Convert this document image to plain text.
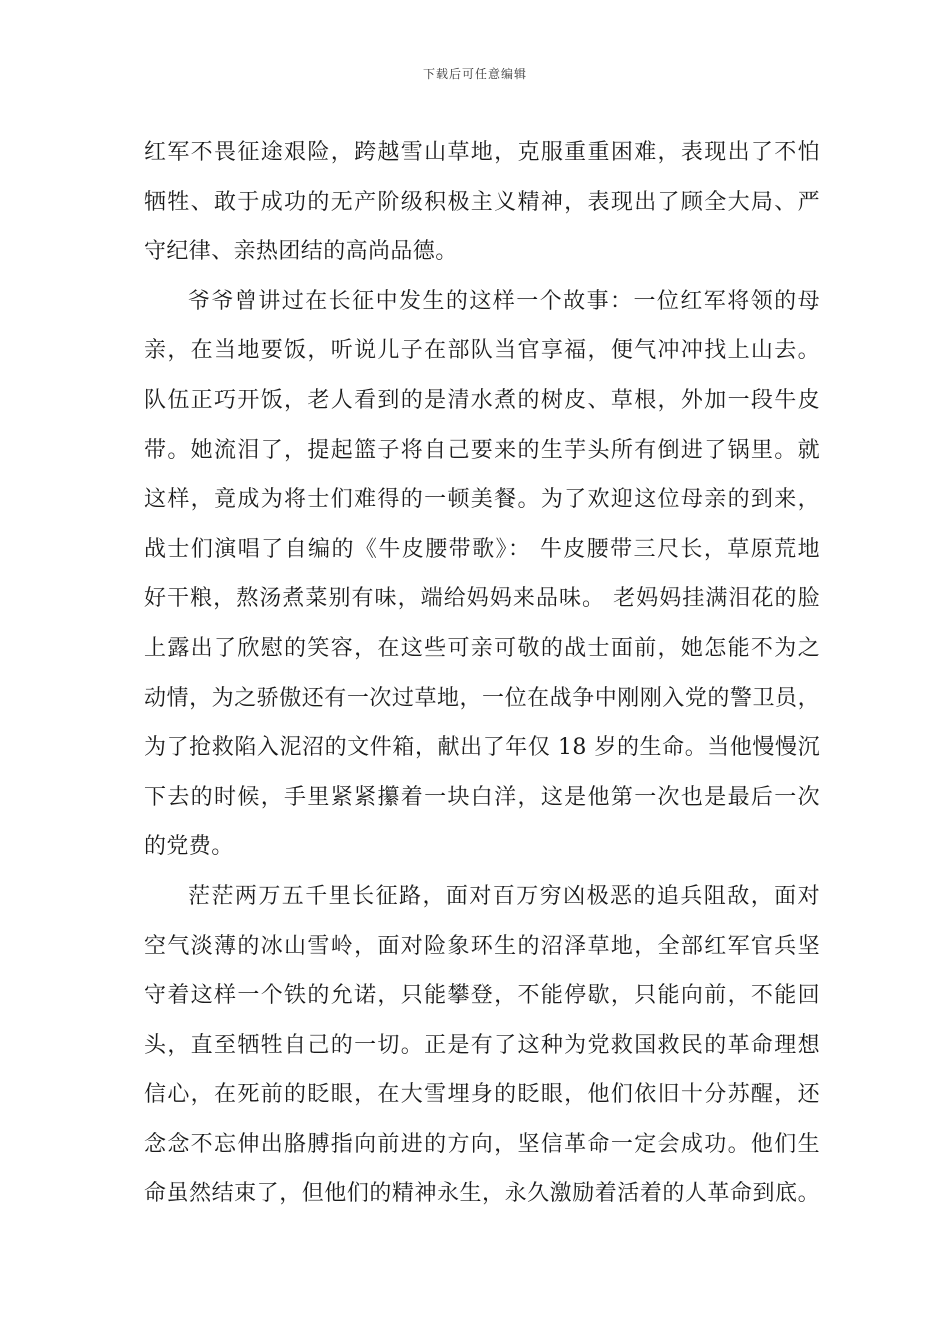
下载后可任意编辑
红军不畏征途艰险，跨越雪山草地，克服重重困难，表现出了不怕
牺牲、敢于成功的无产阶级积极主义精神，表现出了顾全大局、严
守纪律、亲热团结的高尚品德。
爷爷曾讲过在长征中发生的这样一个故事：一位红军将领的母
亲，在当地要饭，听说儿子在部队当官享福，便气冲冲找上山去。
队伍正巧开饭，老人看到的是清水煮的树皮、草根，外加一段牛皮
带。她流泪了，提起篮子将自己要来的生芋头所有倒进了锅里。就
这样，竟成为将士们难得的一顿美餐。为了欢迎这位母亲的到来，
战士们演唱了自编的《牛皮腰带歌》： 牛皮腰带三尺长，草原荒地
好干粮，熬汤煮菜别有味，端给妈妈来品味。 老妈妈挂满泪花的脸
上露出了欣慰的笑容，在这些可亲可敬的战士面前，她怎能不为之
动情，为之骄傲还有一次过草地，一位在战争中刚刚入党的警卫员，
为了抢救陷入泥沼的文件箱，献出了年仅 18 岁的生命。当他慢慢沉
下去的时候，手里紧紧攥着一块白洋，这是他第一次也是最后一次
的党费。
茫茫两万五千里长征路，面对百万穷凶极恶的追兵阻敌，面对
空气淡薄的冰山雪岭，面对险象环生的沼泽草地，全部红军官兵坚
守着这样一个铁的允诺，只能攀登，不能停歇，只能向前，不能回
头，直至牺牲自己的一切。正是有了这种为党救国救民的革命理想
信心，在死前的眨眼，在大雪埋身的眨眼，他们依旧十分苏醒，还
念念不忘伸出胳膊指向前进的方向，坚信革命一定会成功。他们生
命虽然结束了，但他们的精神永生，永久激励着活着的人革命到底。
